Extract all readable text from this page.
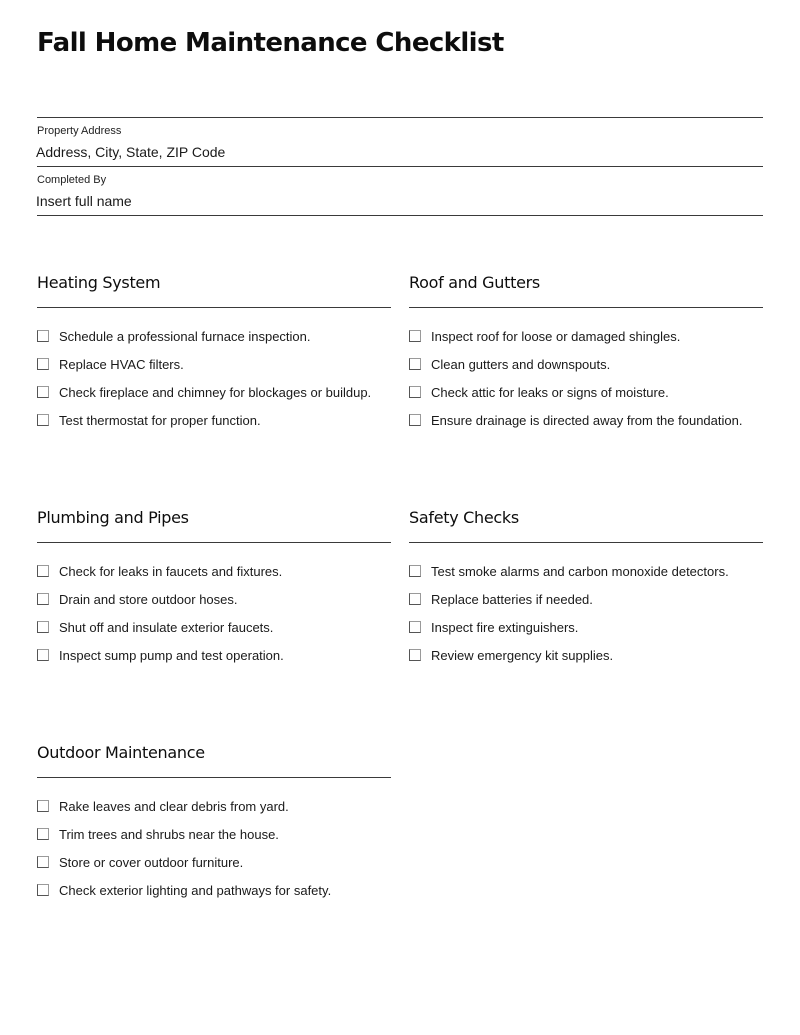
Fall Home Maintenance Checklist

Property Address

Address, City, State, ZIP Code

Completed By

Insert full name

Heating System
Schedule a professional furnace inspection.
Replace HVAC filters.
Check fireplace and chimney for blockages or buildup.
Test thermostat for proper function.
Roof and Gutters
Inspect roof for loose or damaged shingles.
Clean gutters and downspouts.
Check attic for leaks or signs of moisture.
Ensure drainage is directed away from the foundation.
Plumbing and Pipes
Check for leaks in faucets and fixtures.
Drain and store outdoor hoses.
Shut off and insulate exterior faucets.
Inspect sump pump and test operation.
Safety Checks
Test smoke alarms and carbon monoxide detectors.
Replace batteries if needed.
Inspect fire extinguishers.
Review emergency kit supplies.
Outdoor Maintenance
Rake leaves and clear debris from yard.
Trim trees and shrubs near the house.
Store or cover outdoor furniture.
Check exterior lighting and pathways for safety.
